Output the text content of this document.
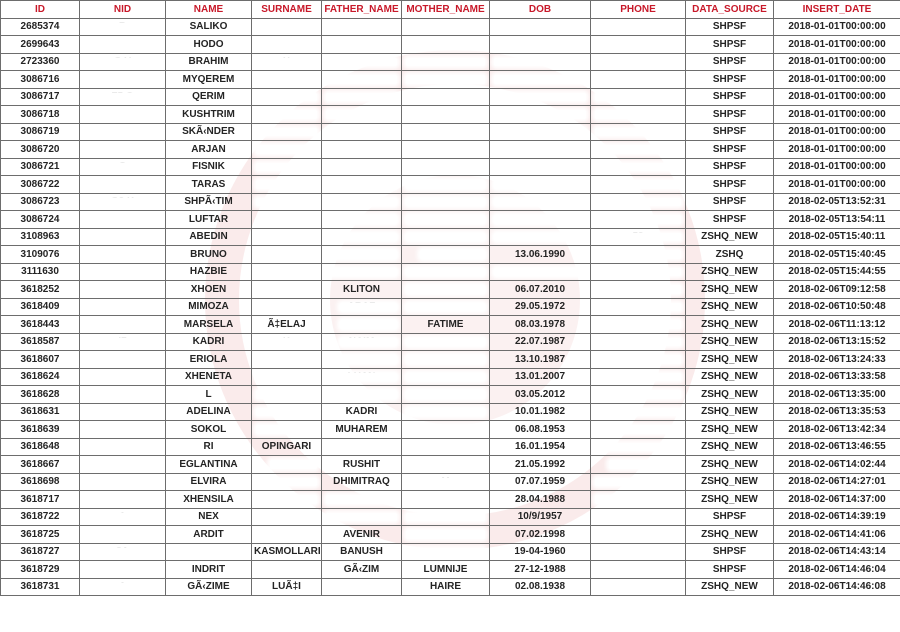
ID	NID	NAME	SURNAME	FATHER_NAME	MOTHER_NAME	DOB	PHONE	DATA_SOURCE	INSERT_DATE
2685374		SALIKO						SHPSF	2018-01-01T00:00:00
2699643		HODO						SHPSF	2018-01-01T00:00:00
2723360		BRAHIM						SHPSF	2018-01-01T00:00:00
3086716		MYQEREM						SHPSF	2018-01-01T00:00:00
3086717		QERIM						SHPSF	2018-01-01T00:00:00
3086718		KUSHTRIM						SHPSF	2018-01-01T00:00:00
3086719		SKÃ‹NDER						SHPSF	2018-01-01T00:00:00
3086720		ARJAN						SHPSF	2018-01-01T00:00:00
3086721		FISNIK						SHPSF	2018-01-01T00:00:00
3086722		TARAS						SHPSF	2018-01-01T00:00:00
3086723		SHPÃ‹TIM						SHPSF	2018-02-05T13:52:31
3086724		LUFTAR						SHPSF	2018-02-05T13:54:11
3108963		ABEDIN						ZSHQ_NEW	2018-02-05T15:40:11
3109076		BRUNO				13.06.1990		ZSHQ	2018-02-05T15:40:45
3111630		HAZBIE						ZSHQ_NEW	2018-02-05T15:44:55
3618252		XHOEN		KLITON		06.07.2010		ZSHQ_NEW	2018-02-06T09:12:58
3618409		MIMOZA				29.05.1972		ZSHQ_NEW	2018-02-06T10:50:48
3618443		MARSELA	Ã‡ELAJ		FATIME	08.03.1978		ZSHQ_NEW	2018-02-06T11:13:12
3618587		KADRI				22.07.1987		ZSHQ_NEW	2018-02-06T13:15:52
3618607		ERIOLA				13.10.1987		ZSHQ_NEW	2018-02-06T13:24:33
3618624		XHENETA				13.01.2007		ZSHQ_NEW	2018-02-06T13:33:58
3618628		L				03.05.2012		ZSHQ_NEW	2018-02-06T13:35:00
3618631		ADELINA		KADRI		10.01.1982		ZSHQ_NEW	2018-02-06T13:35:53
3618639		SOKOL		MUHAREM		06.08.1953		ZSHQ_NEW	2018-02-06T13:42:34
3618648		RI	OPINGARI			16.01.1954		ZSHQ_NEW	2018-02-06T13:46:55
3618667		EGLANTINA		RUSHIT		21.05.1992		ZSHQ_NEW	2018-02-06T14:02:44
3618698		ELVIRA		DHIMITRAQ		07.07.1959		ZSHQ_NEW	2018-02-06T14:27:01
3618717		XHENSILA				28.04.1988		ZSHQ_NEW	2018-02-06T14:37:00
3618722		NEX				10/9/1957		SHPSF	2018-02-06T14:39:19
3618725		ARDIT		AVENIR		07.02.1998		ZSHQ_NEW	2018-02-06T14:41:06
3618727			KASMOLLARI	BANUSH		19-04-1960		SHPSF	2018-02-06T14:43:14
3618729		INDRIT		GÃ‹ZIM	LUMNIJE	27-12-1988		SHPSF	2018-02-06T14:46:04
3618731		GÃ‹ZIME	LUÃ‡I		HAIRE	02.08.1938		ZSHQ_NEW	2018-02-06T14:46:08
